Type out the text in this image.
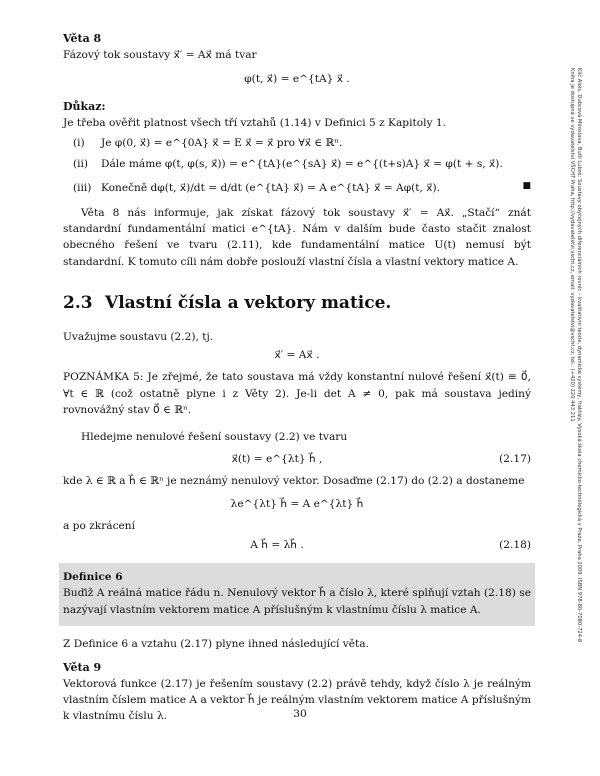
Věta 8
Fázový tok soustavy x⃗′ = Ax⃗ má tvar
φ(t, x⃗) = e^{tA} x⃗ .
Důkaz:
Je třeba ověřit platnost všech tří vztahů (1.14) v Definici 5 z Kapitoly 1.
(i)	Je φ(0, x⃗) = e^{0A} x⃗ = E x⃗ = x⃗ pro ∀x⃗ ∈ ℝⁿ.
(ii)	Dále máme φ(t, φ(s, x⃗)) = e^{tA}(e^{sA} x⃗) = e^{(t+s)A} x⃗ = φ(t + s, x⃗).
(iii) Konečně dφ(t, x⃗)/dt = d/dt (e^{tA} x⃗) = A e^{tA} x⃗ = Aφ(t, x⃗).	■
Věta 8 nás informuje, jak získat fázový tok soustavy x⃗′ = Ax⃗. „Stačí“ znát standardní fundamentální matici e^{tA}. Nám v dalším bude často stačit znalost obecného řešení ve tvaru (2.11), kde fundamentální matice U(t) nemusí být standardní. K tomuto cíli nám dobře poslouží vlastní čísla a vlastní vektory matice A.
2.3 Vlastní čísla a vektory matice.
Uvažujme soustavu (2.2), tj.
x⃗′ = Ax⃗ .
POZNÁMKA 5: Je zřejmé, že tato soustava má vždy konstantní nulové řešení x⃗(t) ≡ 0⃗, ∀t ∈ ℝ (což ostatně plyne i z Věty 2). Je-li det A ≠ 0, pak má soustava jediný rovnovážný stav 0⃗ ∈ ℝⁿ.
Hledejme nenulové řešení soustavy (2.2) ve tvaru
x⃗(t) = e^{λt} h⃗ ,	(2.17)
kde λ ∈ ℝ a h⃗ ∈ ℝⁿ je neznámý nenulový vektor. Dosaďme (2.17) do (2.2) a dostaneme
λe^{λt} h⃗ = A e^{λt} h⃗
a po zkrácení
A h⃗ = λh⃗ .	(2.18)
Definice 6
Buďiž A reálná matice řádu n. Nenulový vektor h⃗ a číslo λ, které splňují vztah (2.18) se nazývají vlastním vektorem matice A příslušným k vlastnímu číslu λ matice A.
Z Definice 6 a vztahu (2.17) plyne ihned následující věta.
Věta 9
Vektorová funkce (2.17) je řešením soustavy (2.2) právě tehdy, když číslo λ je reálným vlastním číslem matice A a vektor h⃗ je reálným vlastním vektorem matice A příslušným k vlastnímu číslu λ.	30
Klíč Alois, Dubcová Miroslava, Buřil Luboš: Soustavy obyčejných diferenciálních rovnic – kvalitativní teorie, dynamické systémy, fraktály. Vysoká škola chemicko-technologická v Praze, Praha 2009. ISBN 978-80-7080-724-8
Kniha je dostupná ve vydavatelství VŠCHT Praha, http://vydavatelstvi.vscht.cz, email: vydavatelstvi@vscht.cz, tel.: (+420) 220 443 211
